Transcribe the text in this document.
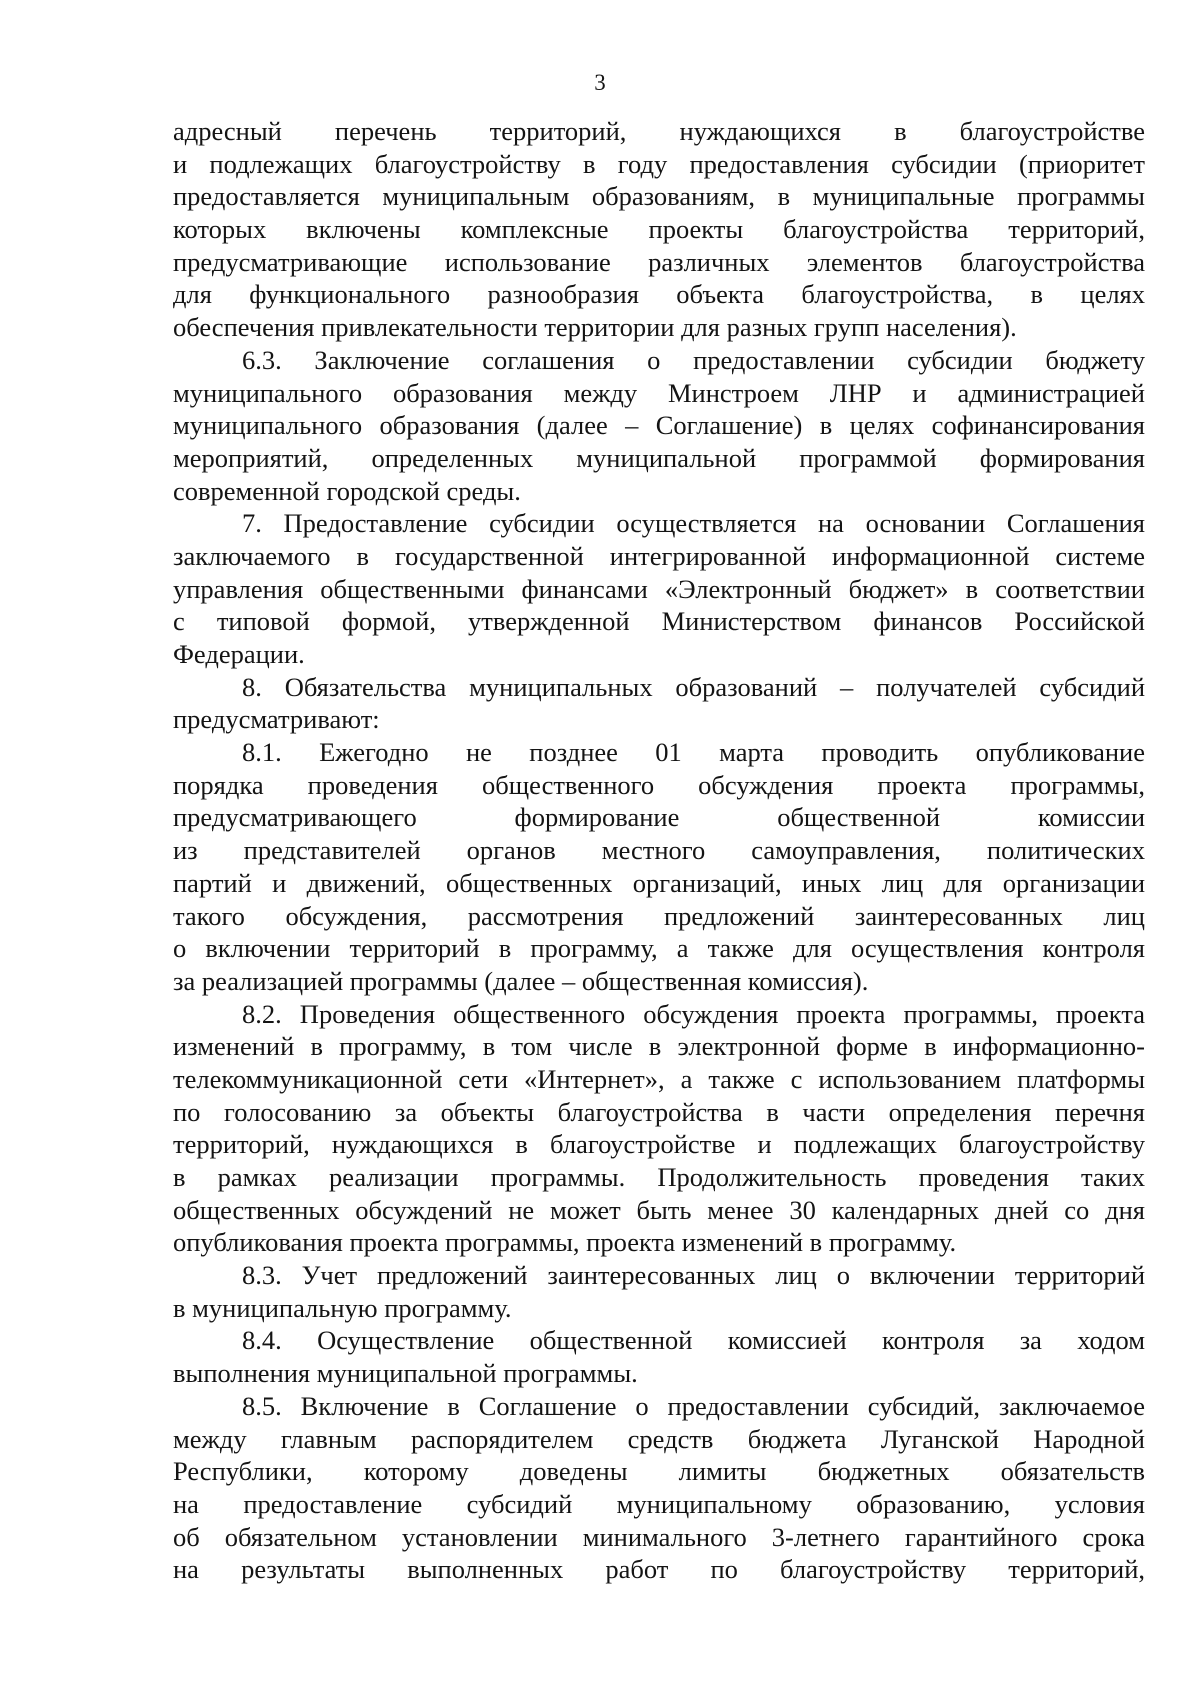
3
адресный перечень территорий, нуждающихся в благоустройстве
и подлежащих благоустройству в году предоставления субсидии (приоритет
предоставляется муниципальным образованиям, в муниципальные программы
которых включены комплексные проекты благоустройства территорий,
предусматривающие использование различных элементов благоустройства
для функционального разнообразия объекта благоустройства, в целях
обеспечения привлекательности территории для разных групп населения).
6.3. Заключение соглашения о предоставлении субсидии бюджету
муниципального образования между Минстроем ЛНР и администрацией
муниципального образования (далее – Соглашение) в целях софинансирования
мероприятий, определенных муниципальной программой формирования
современной городской среды.
7. Предоставление субсидии осуществляется на основании Соглашения
заключаемого в государственной интегрированной информационной системе
управления общественными финансами «Электронный бюджет» в соответствии
с типовой формой, утвержденной Министерством финансов Российской
Федерации.
8. Обязательства муниципальных образований – получателей субсидий
предусматривают:
8.1. Ежегодно не позднее 01 марта проводить опубликование
порядка проведения общественного обсуждения проекта программы,
предусматривающего формирование общественной комиссии
из представителей органов местного самоуправления, политических
партий и движений, общественных организаций, иных лиц для организации
такого обсуждения, рассмотрения предложений заинтересованных лиц
о включении территорий в программу, а также для осуществления контроля
за реализацией программы (далее – общественная комиссия).
8.2. Проведения общественного обсуждения проекта программы, проекта
изменений в программу, в том числе в электронной форме в информационно-
телекоммуникационной сети «Интернет», а также с использованием платформы
по голосованию за объекты благоустройства в части определения перечня
территорий, нуждающихся в благоустройстве и подлежащих благоустройству
в рамках реализации программы. Продолжительность проведения таких
общественных обсуждений не может быть менее 30 календарных дней со дня
опубликования проекта программы, проекта изменений в программу.
8.3. Учет предложений заинтересованных лиц о включении территорий
в муниципальную программу.
8.4. Осуществление общественной комиссией контроля за ходом
выполнения муниципальной программы.
8.5. Включение в Соглашение о предоставлении субсидий, заключаемое
между главным распорядителем средств бюджета Луганской Народной
Республики, которому доведены лимиты бюджетных обязательств
на предоставление субсидий муниципальному образованию, условия
об обязательном установлении минимального 3-летнего гарантийного срока
на результаты выполненных работ по благоустройству территорий,
